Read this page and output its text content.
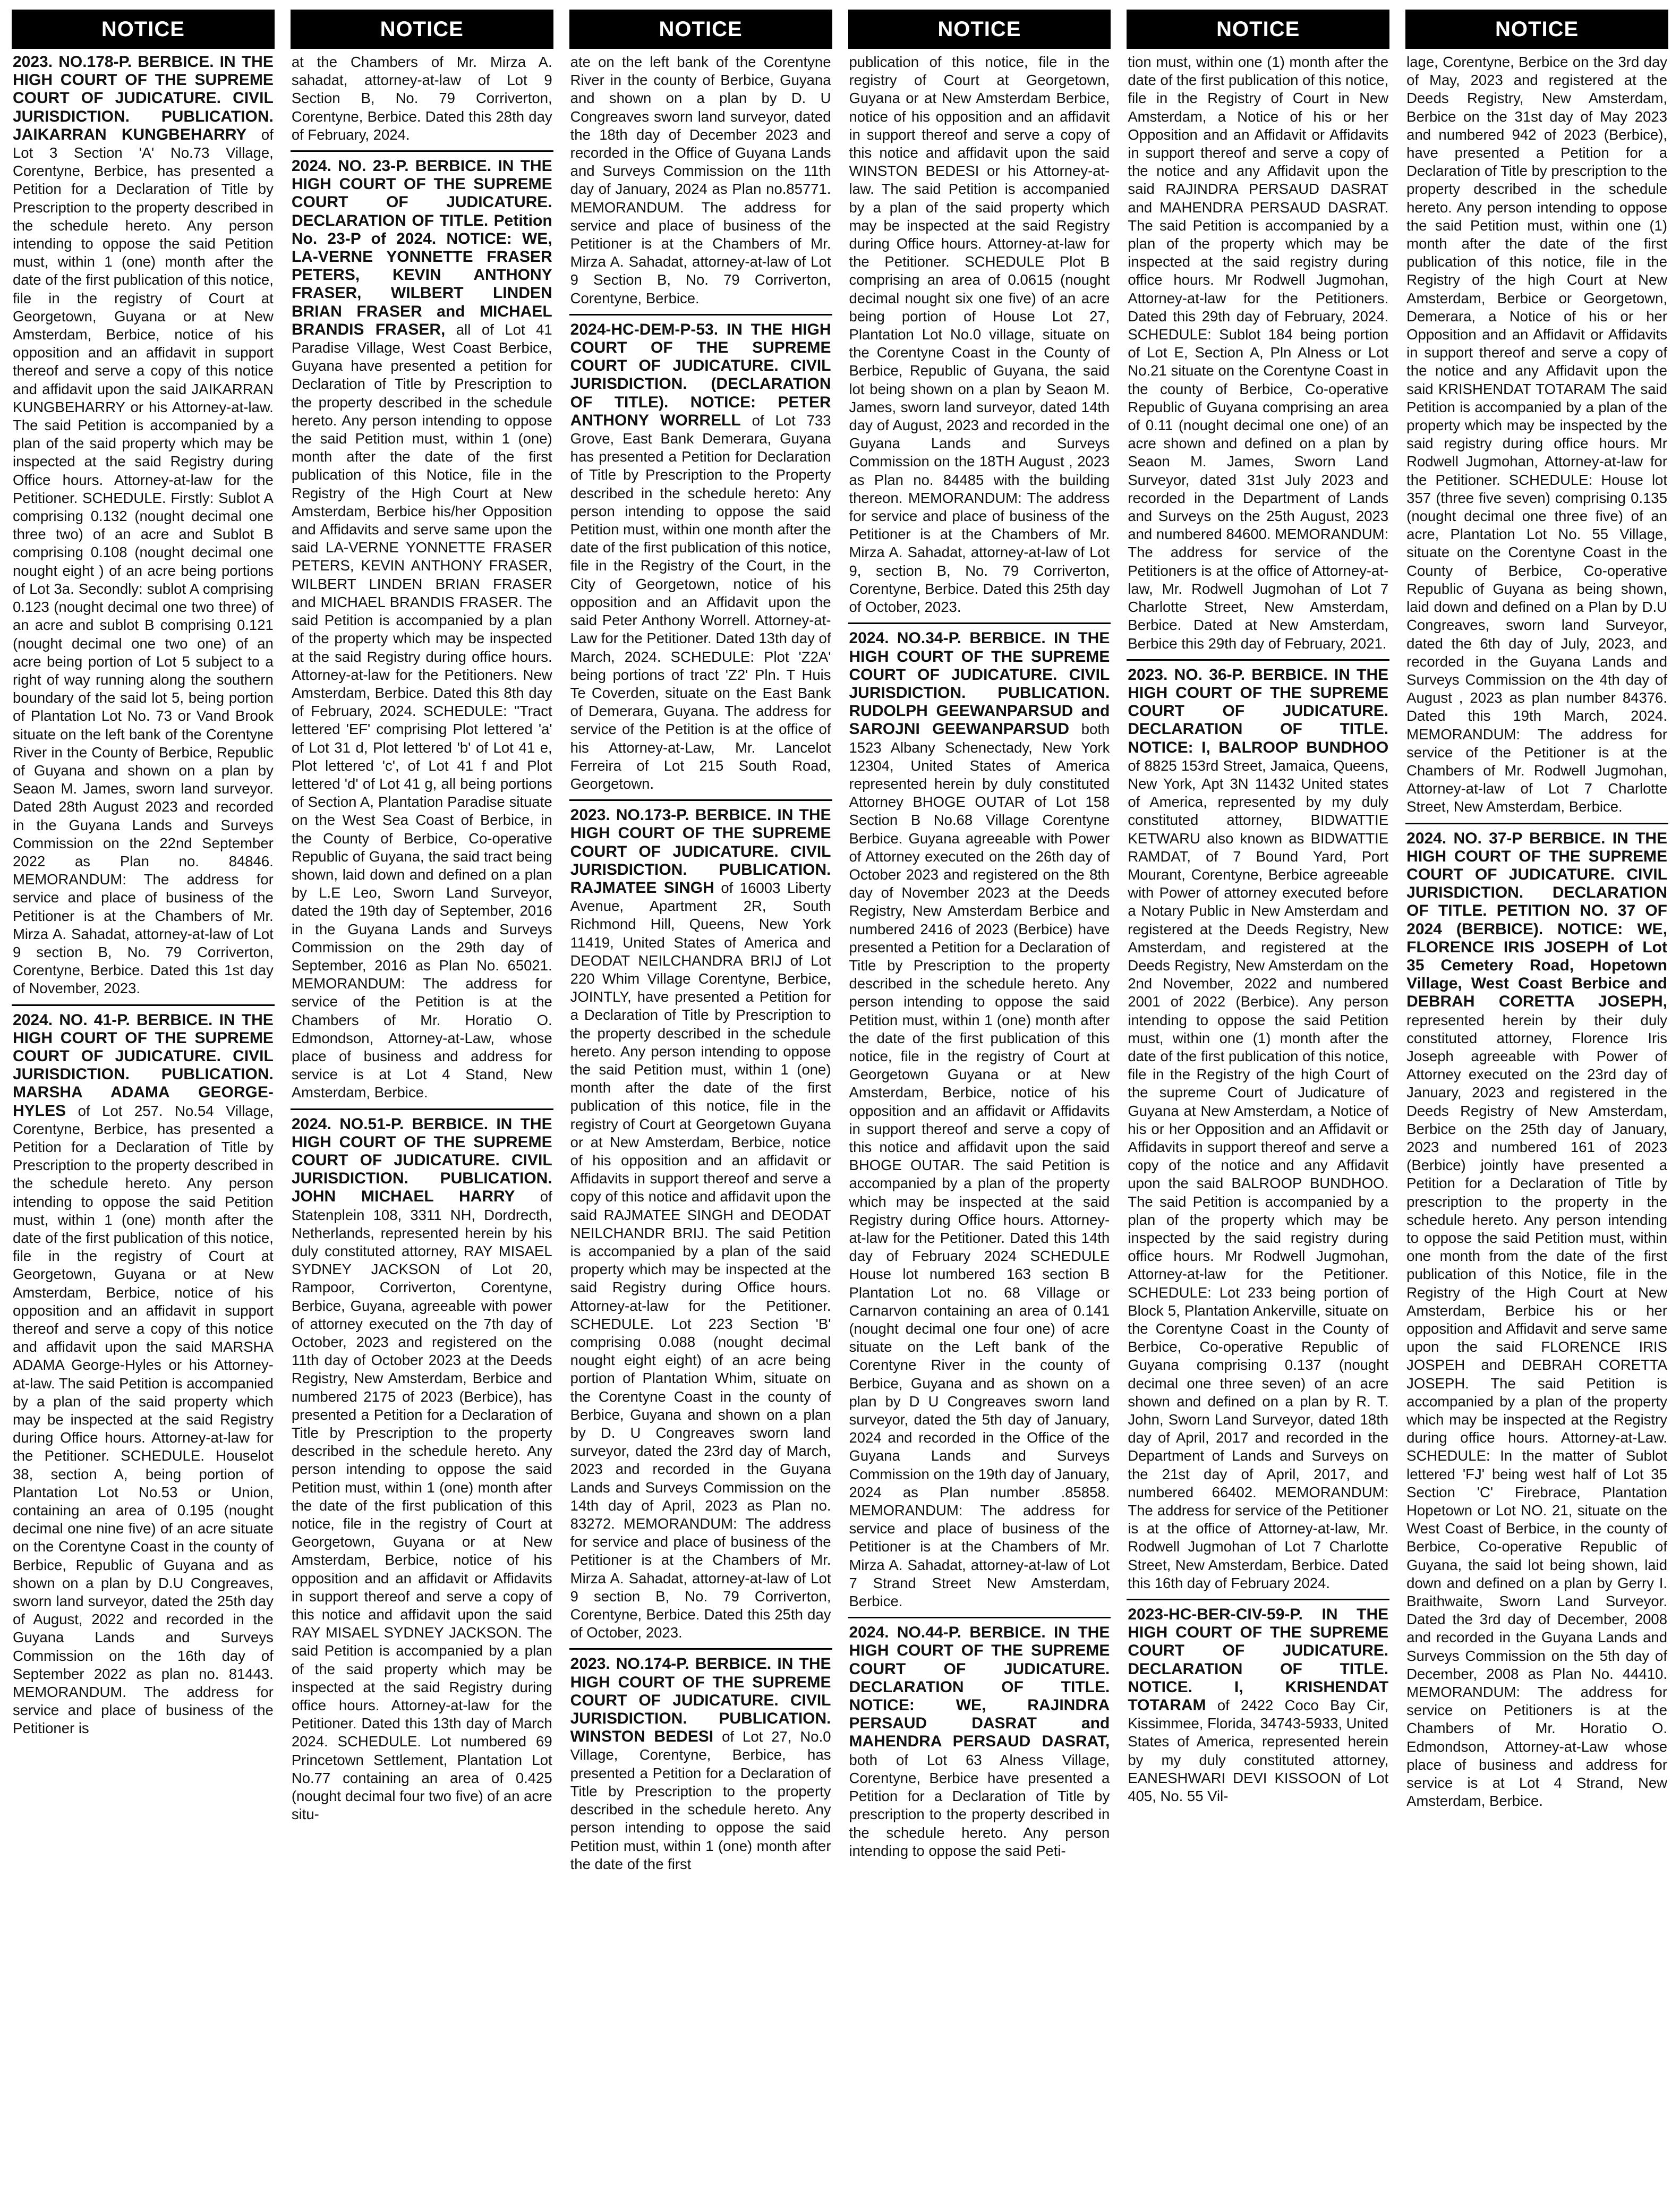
NOTICE

2023. NO.178-P. BERBICE. IN THE HIGH COURT OF THE SUPREME COURT OF JUDICATURE. CIVIL JURISDICTION. PUBLICATION. JAIKARRAN KUNGBEHARRY of Lot 3 Section 'A' No.73 Village, Corentyne, Berbice, has presented a Petition for a Declaration of Title by Prescription to the property described in the schedule hereto. Any person intending to oppose the said Petition must, within 1 (one) month after the date of the first publication of this notice, file in the registry of Court at Georgetown, Guyana or at New Amsterdam, Berbice, notice of his opposition and an affidavit in support thereof and serve a copy of this notice and affidavit upon the said JAIKARRAN KUNGBEHARRY or his Attorney-at-law. The said Petition is accompanied by a plan of the said property which may be inspected at the said Registry during Office hours. Attorney-at-law for the Petitioner. SCHEDULE. Firstly: Sublot A comprising 0.132 (nought decimal one three two) of an acre and Sublot B comprising 0.108 (nought decimal one nought eight ) of an acre being portions of Lot 3a. Secondly: sublot A comprising 0.123 (nought decimal one two three) of an acre and sublot B comprising 0.121 (nought decimal one two one) of an acre being portion of Lot 5 subject to a right of way running along the southern boundary of the said lot 5, being portion of Plantation Lot No. 73 or Vand Brook situate on the left bank of the Corentyne River in the County of Berbice, Republic of Guyana and shown on a plan by Seaon M. James, sworn land surveyor. Dated 28th August 2023 and recorded in the Guyana Lands and Surveys Commission on the 22nd September 2022 as Plan no. 84846. MEMORANDUM: The address for service and place of business of the Petitioner is at the Chambers of Mr. Mirza A. Sahadat, attorney-at-law of Lot 9 section B, No. 79 Corriverton, Corentyne, Berbice. Dated this 1st day of November, 2023.

2024. NO. 41-P. BERBICE. IN THE HIGH COURT OF THE SUPREME COURT OF JUDICATURE. CIVIL JURISDICTION. PUBLICATION. MARSHA ADAMA GEORGE-HYLES of Lot 257. No.54 Village, Corentyne, Berbice, has presented a Petition for a Declaration of Title by Prescription to the property described in the schedule hereto. Any person intending to oppose the said Petition must, within 1 (one) month after the date of the first publication of this notice, file in the registry of Court at Georgetown, Guyana or at New Amsterdam, Berbice, notice of his opposition and an affidavit in support thereof and serve a copy of this notice and affidavit upon the said MARSHA ADAMA George-Hyles or his Attorney-at-law. The said Petition is accompanied by a plan of the said property which may be inspected at the said Registry during Office hours. Attorney-at-law for the Petitioner. SCHEDULE. Houselot 38, section A, being portion of Plantation Lot No.53 or Union, containing an area of 0.195 (nought decimal one nine five) of an acre situate on the Corentyne Coast in the county of Berbice, Republic of Guyana and as shown on a plan by D.U Congreaves, sworn land surveyor, dated the 25th day of August, 2022 and recorded in the Guyana Lands and Surveys Commission on the 16th day of September 2022 as plan no. 81443. MEMORANDUM. The address for service and place of business of the Petitioner is

NOTICE

at the Chambers of Mr. Mirza A. sahadat, attorney-at-law of Lot 9 Section B, No. 79 Corriverton, Corentyne, Berbice. Dated this 28th day of February, 2024.

2024. NO. 23-P. BERBICE. IN THE HIGH COURT OF THE SUPREME COURT OF JUDICATURE. DECLARATION OF TITLE. Petition No. 23-P of 2024. NOTICE: WE, LA-VERNE YONNETTE FRASER PETERS, KEVIN ANTHONY FRASER, WILBERT LINDEN BRIAN FRASER and MICHAEL BRANDIS FRASER, all of Lot 41 Paradise Village, West Coast Berbice, Guyana have presented a petition for Declaration of Title by Prescription to the property described in the schedule hereto. Any person intending to oppose the said Petition must, within 1 (one) month after the date of the first publication of this Notice, file in the Registry of the High Court at New Amsterdam, Berbice his/her Opposition and Affidavits and serve same upon the said LA-VERNE YONNETTE FRASER PETERS, KEVIN ANTHONY FRASER, WILBERT LINDEN BRIAN FRASER and MICHAEL BRANDIS FRASER. The said Petition is accompanied by a plan of the property which may be inspected at the said Registry during office hours. Attorney-at-law for the Petitioners. New Amsterdam, Berbice. Dated this 8th day of February, 2024. SCHEDULE: "Tract lettered 'EF' comprising Plot lettered 'a' of Lot 31 d, Plot lettered 'b' of Lot 41 e, Plot lettered 'c', of Lot 41 f and Plot lettered 'd' of Lot 41 g, all being portions of Section A, Plantation Paradise situate on the West Sea Coast of Berbice, in the County of Berbice, Co-operative Republic of Guyana, the said tract being shown, laid down and defined on a plan by L.E Leo, Sworn Land Surveyor, dated the 19th day of September, 2016 in the Guyana Lands and Surveys Commission on the 29th day of September, 2016 as Plan No. 65021. MEMORANDUM: The address for service of the Petition is at the Chambers of Mr. Horatio O. Edmondson, Attorney-at-Law, whose place of business and address for service is at Lot 4 Stand, New Amsterdam, Berbice.

2024. NO.51-P. BERBICE. IN THE HIGH COURT OF THE SUPREME COURT OF JUDICATURE. CIVIL JURISDICTION. PUBLICATION. JOHN MICHAEL HARRY of Statenplein 108, 3311 NH, Dordrecth, Netherlands, represented herein by his duly constituted attorney, RAY MISAEL SYDNEY JACKSON of Lot 20, Rampoor, Corriverton, Corentyne, Berbice, Guyana, agreeable with power of attorney executed on the 7th day of October, 2023 and registered on the 11th day of October 2023 at the Deeds Registry, New Amsterdam, Berbice and numbered 2175 of 2023 (Berbice), has presented a Petition for a Declaration of Title by Prescription to the property described in the schedule hereto. Any person intending to oppose the said Petition must, within 1 (one) month after the date of the first publication of this notice, file in the registry of Court at Georgetown, Guyana or at New Amsterdam, Berbice, notice of his opposition and an affidavit or Affidavits in support thereof and serve a copy of this notice and affidavit upon the said RAY MISAEL SYDNEY JACKSON. The said Petition is accompanied by a plan of the said property which may be inspected at the said Registry during office hours. Attorney-at-law for the Petitioner. Dated this 13th day of March 2024. SCHEDULE. Lot numbered 69 Princetown Settlement, Plantation Lot No.77 containing an area of 0.425 (nought decimal four two five) of an acre situ-

NOTICE

ate on the left bank of the Corentyne River in the county of Berbice, Guyana and shown on a plan by D. U Congreaves sworn land surveyor, dated the 18th day of December 2023 and recorded in the Office of Guyana Lands and Surveys Commission on the 11th day of January, 2024 as Plan no.85771. MEMORANDUM. The address for service and place of business of the Petitioner is at the Chambers of Mr. Mirza A. Sahadat, attorney-at-law of Lot 9 Section B, No. 79 Corriverton, Corentyne, Berbice.

2024-HC-DEM-P-53. IN THE HIGH COURT OF THE SUPREME COURT OF JUDICATURE. CIVIL JURISDICTION. (DECLARATION OF TITLE). NOTICE: PETER ANTHONY WORRELL of Lot 733 Grove, East Bank Demerara, Guyana has presented a Petition for Declaration of Title by Prescription to the Property described in the schedule hereto: Any person intending to oppose the said Petition must, within one month after the date of the first publication of this notice, file in the Registry of the Court, in the City of Georgetown, notice of his opposition and an Affidavit upon the said Peter Anthony Worrell. Attorney-at-Law for the Petitioner. Dated 13th day of March, 2024. SCHEDULE: Plot 'Z2A' being portions of tract 'Z2' Pln. T Huis Te Coverden, situate on the East Bank of Demerara, Guyana. The address for service of the Petition is at the office of his Attorney-at-Law, Mr. Lancelot Ferreira of Lot 215 South Road, Georgetown.

2023. NO.173-P. BERBICE. IN THE HIGH COURT OF THE SUPREME COURT OF JUDICATURE. CIVIL JURISDICTION. PUBLICATION. RAJMATEE SINGH of 16003 Liberty Avenue, Apartment 2R, South Richmond Hill, Queens, New York 11419, United States of America and DEODAT NEILCHANDRA BRIJ of Lot 220 Whim Village Corentyne, Berbice, JOINTLY, have presented a Petition for a Declaration of Title by Prescription to the property described in the schedule hereto. Any person intending to oppose the said Petition must, within 1 (one) month after the date of the first publication of this notice, file in the registry of Court at Georgetown Guyana or at New Amsterdam, Berbice, notice of his opposition and an affidavit or Affidavits in support thereof and serve a copy of this notice and affidavit upon the said RAJMATEE SINGH and DEODAT NEILCHANDR BRIJ. The said Petition is accompanied by a plan of the said property which may be inspected at the said Registry during Office hours. Attorney-at-law for the Petitioner. SCHEDULE. Lot 223 Section 'B' comprising 0.088 (nought decimal nought eight eight) of an acre being portion of Plantation Whim, situate on the Corentyne Coast in the county of Berbice, Guyana and shown on a plan by D. U Congreaves sworn land surveyor, dated the 23rd day of March, 2023 and recorded in the Guyana Lands and Surveys Commission on the 14th day of April, 2023 as Plan no. 83272. MEMORANDUM: The address for service and place of business of the Petitioner is at the Chambers of Mr. Mirza A. Sahadat, attorney-at-law of Lot 9 section B, No. 79 Corriverton, Corentyne, Berbice. Dated this 25th day of October, 2023.

2023. NO.174-P. BERBICE. IN THE HIGH COURT OF THE SUPREME COURT OF JUDICATURE. CIVIL JURISDICTION. PUBLICATION. WINSTON BEDESI of Lot 27, No.0 Village, Corentyne, Berbice, has presented a Petition for a Declaration of Title by Prescription to the property described in the schedule hereto. Any person intending to oppose the said Petition must, within 1 (one) month after the date of the first

NOTICE

publication of this notice, file in the registry of Court at Georgetown, Guyana or at New Amsterdam Berbice, notice of his opposition and an affidavit in support thereof and serve a copy of this notice and affidavit upon the said WINSTON BEDESI or his Attorney-at-law. The said Petition is accompanied by a plan of the said property which may be inspected at the said Registry during Office hours. Attorney-at-law for the Petitioner. SCHEDULE Plot B comprising an area of 0.0615 (nought decimal nought six one five) of an acre being portion of House Lot 27, Plantation Lot No.0 village, situate on the Corentyne Coast in the County of Berbice, Republic of Guyana, the said lot being shown on a plan by Seaon M. James, sworn land surveyor, dated 14th day of August, 2023 and recorded in the Guyana Lands and Surveys Commission on the 18TH August , 2023 as Plan no. 84485 with the building thereon. MEMORANDUM: The address for service and place of business of the Petitioner is at the Chambers of Mr. Mirza A. Sahadat, attorney-at-law of Lot 9, section B, No. 79 Corriverton, Corentyne, Berbice. Dated this 25th day of October, 2023.

2024. NO.34-P. BERBICE. IN THE HIGH COURT OF THE SUPREME COURT OF JUDICATURE. CIVIL JURISDICTION. PUBLICATION. RUDOLPH GEEWANPARSUD and SAROJNI GEEWANPARSUD both 1523 Albany Schenectady, New York 12304, United States of America represented herein by duly constituted Attorney BHOGE OUTAR of Lot 158 Section B No.68 Village Corentyne Berbice. Guyana agreeable with Power of Attorney executed on the 26th day of October 2023 and registered on the 8th day of November 2023 at the Deeds Registry, New Amsterdam Berbice and numbered 2416 of 2023 (Berbice) have presented a Petition for a Declaration of Title by Prescription to the property described in the schedule hereto. Any person intending to oppose the said Petition must, within 1 (one) month after the date of the first publication of this notice, file in the registry of Court at Georgetown Guyana or at New Amsterdam, Berbice, notice of his opposition and an affidavit or Affidavits in support thereof and serve a copy of this notice and affidavit upon the said BHOGE OUTAR. The said Petition is accompanied by a plan of the property which may be inspected at the said Registry during Office hours. Attorney-at-law for the Petitioner. Dated this 14th day of February 2024 SCHEDULE House lot numbered 163 section B Plantation Lot no. 68 Village or Carnarvon containing an area of 0.141 (nought decimal one four one) of acre situate on the Left bank of the Corentyne River in the county of Berbice, Guyana and as shown on a plan by D U Congreaves sworn land surveyor, dated the 5th day of January, 2024 and recorded in the Office of the Guyana Lands and Surveys Commission on the 19th day of January, 2024 as Plan number .85858. MEMORANDUM: The address for service and place of business of the Petitioner is at the Chambers of Mr. Mirza A. Sahadat, attorney-at-law of Lot 7 Strand Street New Amsterdam, Berbice.

2024. NO.44-P. BERBICE. IN THE HIGH COURT OF THE SUPREME COURT OF JUDICATURE. DECLARATION OF TITLE. NOTICE: WE, RAJINDRA PERSAUD DASRAT and MAHENDRA PERSAUD DASRAT, both of Lot 63 Alness Village, Corentyne, Berbice have presented a Petition for a Declaration of Title by prescription to the property described in the schedule hereto. Any person intending to oppose the said Peti-

NOTICE

tion must, within one (1) month after the date of the first publication of this notice, file in the Registry of Court in New Amsterdam, a Notice of his or her Opposition and an Affidavit or Affidavits in support thereof and serve a copy of the notice and any Affidavit upon the said RAJINDRA PERSAUD DASRAT and MAHENDRA PERSAUD DASRAT. The said Petition is accompanied by a plan of the property which may be inspected at the said registry during office hours. Mr Rodwell Jugmohan, Attorney-at-law for the Petitioners. Dated this 29th day of February, 2024. SCHEDULE: Sublot 184 being portion of Lot E, Section A, Pln Alness or Lot No.21 situate on the Corentyne Coast in the county of Berbice, Co-operative Republic of Guyana comprising an area of 0.11 (nought decimal one one) of an acre shown and defined on a plan by Seaon M. James, Sworn Land Surveyor, dated 31st July 2023 and recorded in the Department of Lands and Surveys on the 25th August, 2023 and numbered 84600. MEMORANDUM: The address for service of the Petitioners is at the office of Attorney-at-law, Mr. Rodwell Jugmohan of Lot 7 Charlotte Street, New Amsterdam, Berbice. Dated at New Amsterdam, Berbice this 29th day of February, 2021.

2023. NO. 36-P. BERBICE. IN THE HIGH COURT OF THE SUPREME COURT OF JUDICATURE. DECLARATION OF TITLE. NOTICE: I, BALROOP BUNDHOO of 8825 153rd Street, Jamaica, Queens, New York, Apt 3N 11432 United states of America, represented by my duly constituted attorney, BIDWATTIE KETWARU also known as BIDWATTIE RAMDAT, of 7 Bound Yard, Port Mourant, Corentyne, Berbice agreeable with Power of attorney executed before a Notary Public in New Amsterdam and registered at the Deeds Registry, New Amsterdam, and registered at the Deeds Registry, New Amsterdam on the 2nd November, 2022 and numbered 2001 of 2022 (Berbice). Any person intending to oppose the said Petition must, within one (1) month after the date of the first publication of this notice, file in the Registry of the high Court of the supreme Court of Judicature of Guyana at New Amsterdam, a Notice of his or her Opposition and an Affidavit or Affidavits in support thereof and serve a copy of the notice and any Affidavit upon the said BALROOP BUNDHOO. The said Petition is accompanied by a plan of the property which may be inspected by the said registry during office hours. Mr Rodwell Jugmohan, Attorney-at-law for the Petitioner. SCHEDULE: Lot 233 being portion of Block 5, Plantation Ankerville, situate on the Corentyne Coast in the County of Berbice, Co-operative Republic of Guyana comprising 0.137 (nought decimal one three seven) of an acre shown and defined on a plan by R. T. John, Sworn Land Surveyor, dated 18th day of April, 2017 and recorded in the Department of Lands and Surveys on the 21st day of April, 2017, and numbered 66402. MEMORANDUM: The address for service of the Petitioner is at the office of Attorney-at-law, Mr. Rodwell Jugmohan of Lot 7 Charlotte Street, New Amsterdam, Berbice. Dated this 16th day of February 2024.

2023-HC-BER-CIV-59-P. IN THE HIGH COURT OF THE SUPREME COURT OF JUDICATURE. DECLARATION OF TITLE. NOTICE. I, KRISHENDAT TOTARAM of 2422 Coco Bay Cir, Kissimmee, Florida, 34743-5933, United States of America, represented herein by my duly constituted attorney, EANESHWARI DEVI KISSOON of Lot 405, No. 55 Vil-

NOTICE

lage, Corentyne, Berbice on the 3rd day of May, 2023 and registered at the Deeds Registry, New Amsterdam, Berbice on the 31st day of May 2023 and numbered 942 of 2023 (Berbice), have presented a Petition for a Declaration of Title by prescription to the property described in the schedule hereto. Any person intending to oppose the said Petition must, within one (1) month after the date of the first publication of this notice, file in the Registry of the high Court at New Amsterdam, Berbice or Georgetown, Demerara, a Notice of his or her Opposition and an Affidavit or Affidavits in support thereof and serve a copy of the notice and any Affidavit upon the said KRISHENDAT TOTARAM The said Petition is accompanied by a plan of the property which may be inspected by the said registry during office hours. Mr Rodwell Jugmohan, Attorney-at-law for the Petitioner. SCHEDULE: House lot 357 (three five seven) comprising 0.135 (nought decimal one three five) of an acre, Plantation Lot No. 55 Village, situate on the Corentyne Coast in the County of Berbice, Co-operative Republic of Guyana as being shown, laid down and defined on a Plan by D.U Congreaves, sworn land Surveyor, dated the 6th day of July, 2023, and recorded in the Guyana Lands and Surveys Commission on the 4th day of August , 2023 as plan number 84376. Dated this 19th March, 2024. MEMORANDUM: The address for service of the Petitioner is at the Chambers of Mr. Rodwell Jugmohan, Attorney-at-law of Lot 7 Charlotte Street, New Amsterdam, Berbice.

2024. NO. 37-P BERBICE. IN THE HIGH COURT OF THE SUPREME COURT OF JUDICATURE. CIVIL JURISDICTION. DECLARATION OF TITLE. PETITION NO. 37 OF 2024 (BERBICE). NOTICE: WE, FLORENCE IRIS JOSEPH of Lot 35 Cemetery Road, Hopetown Village, West Coast Berbice and DEBRAH CORETTA JOSEPH, represented herein by their duly constituted attorney, Florence Iris Joseph agreeable with Power of Attorney executed on the 23rd day of January, 2023 and registered in the Deeds Registry of New Amsterdam, Berbice on the 25th day of January, 2023 and numbered 161 of 2023 (Berbice) jointly have presented a Petition for a Declaration of Title by prescription to the property in the schedule hereto. Any person intending to oppose the said Petition must, within one month from the date of the first publication of this Notice, file in the Registry of the High Court at New Amsterdam, Berbice his or her opposition and Affidavit and serve same upon the said FLORENCE IRIS JOSPEH and DEBRAH CORETTA JOSEPH. The said Petition is accompanied by a plan of the property which may be inspected at the Registry during office hours. Attorney-at-Law. SCHEDULE: In the matter of Sublot lettered 'FJ' being west half of Lot 35 Section 'C' Firebrace, Plantation Hopetown or Lot NO. 21, situate on the West Coast of Berbice, in the county of Berbice, Co-operative Republic of Guyana, the said lot being shown, laid down and defined on a plan by Gerry I. Braithwaite, Sworn Land Surveyor. Dated the 3rd day of December, 2008 and recorded in the Guyana Lands and Surveys Commission on the 5th day of December, 2008 as Plan No. 44410. MEMORANDUM: The address for service on Petitioners is at the Chambers of Mr. Horatio O. Edmondson, Attorney-at-Law whose place of business and address for service is at Lot 4 Strand, New Amsterdam, Berbice.
